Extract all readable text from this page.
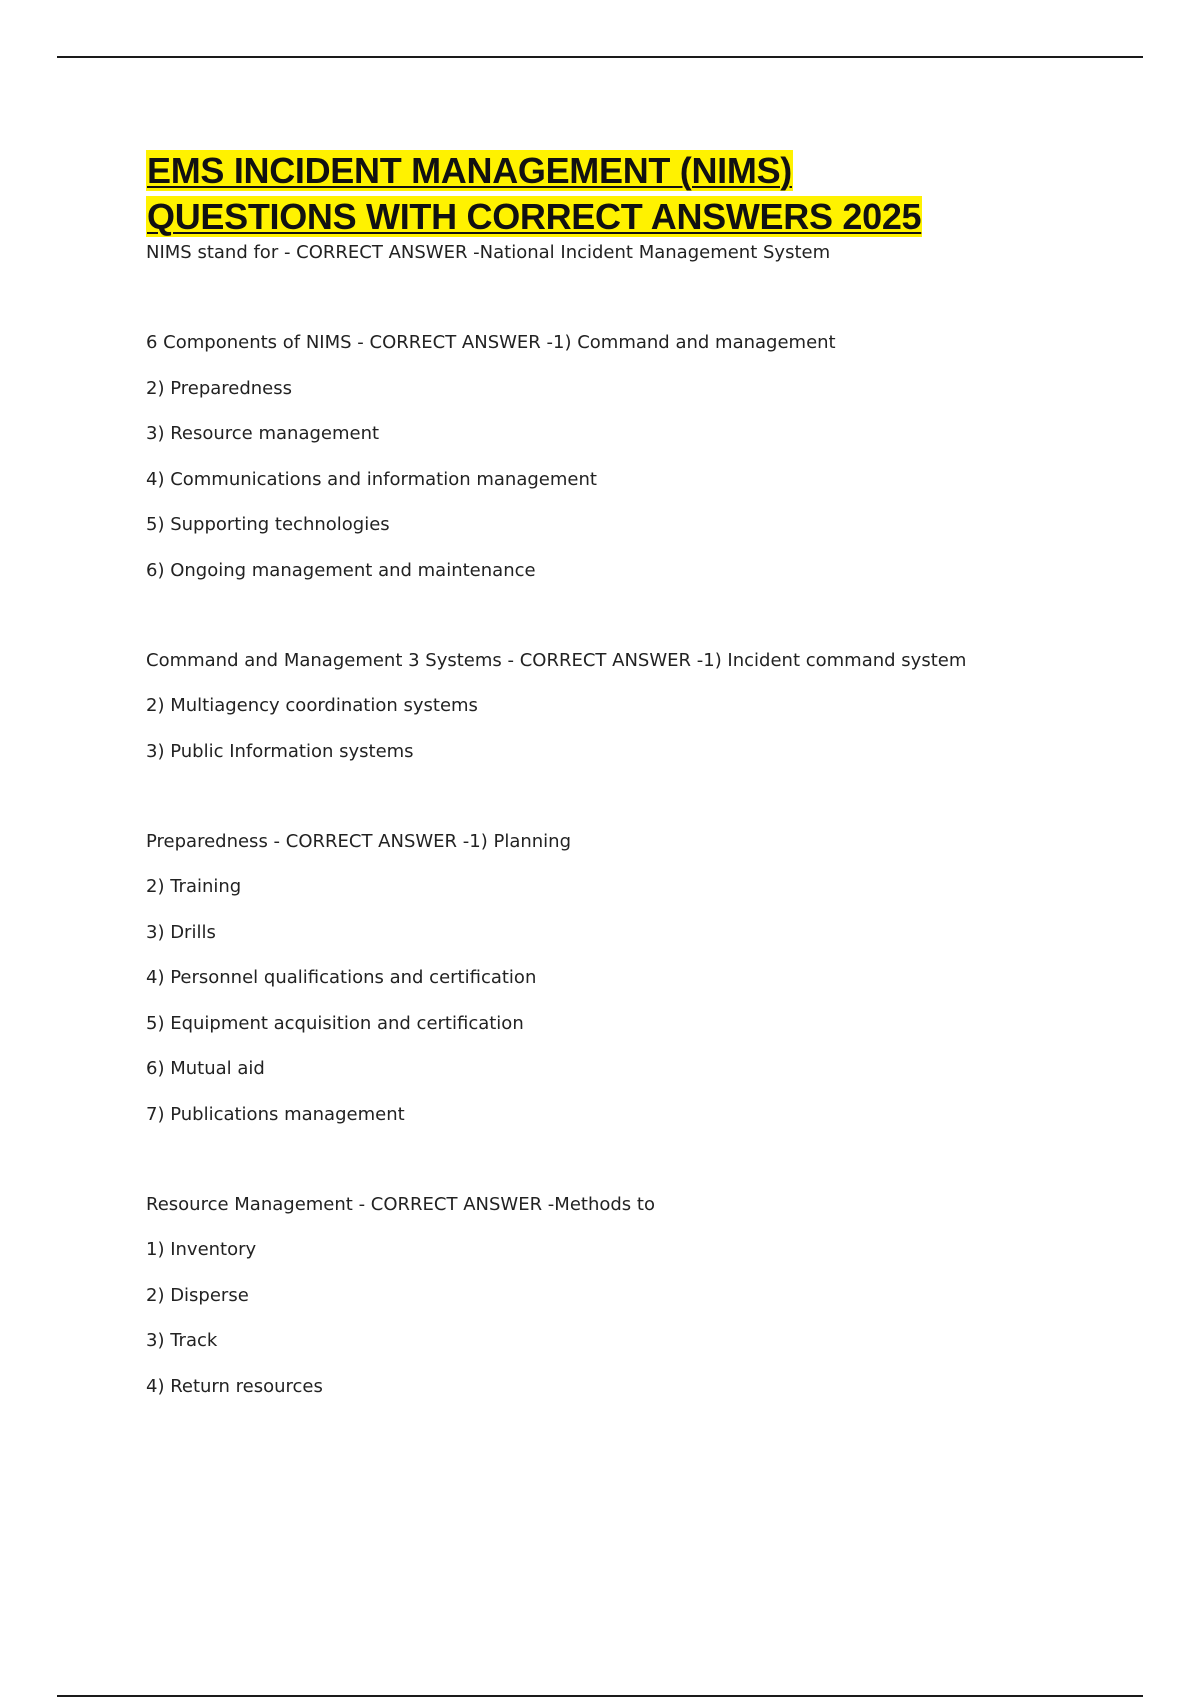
EMS INCIDENT MANAGEMENT (NIMS)
QUESTIONS WITH CORRECT ANSWERS 2025

NIMS stand for - CORRECT ANSWER -National Incident Management System

6 Components of NIMS - CORRECT ANSWER -1) Command and management

2) Preparedness

3) Resource management

4) Communications and information management

5) Supporting technologies

6) Ongoing management and maintenance

Command and Management 3 Systems - CORRECT ANSWER -1) Incident command system

2) Multiagency coordination systems

3) Public Information systems

Preparedness - CORRECT ANSWER -1) Planning

2) Training

3) Drills

4) Personnel qualifications and certification

5) Equipment acquisition and certification

6) Mutual aid

7) Publications management

Resource Management - CORRECT ANSWER -Methods to

1) Inventory

2) Disperse

3) Track

4) Return resources
